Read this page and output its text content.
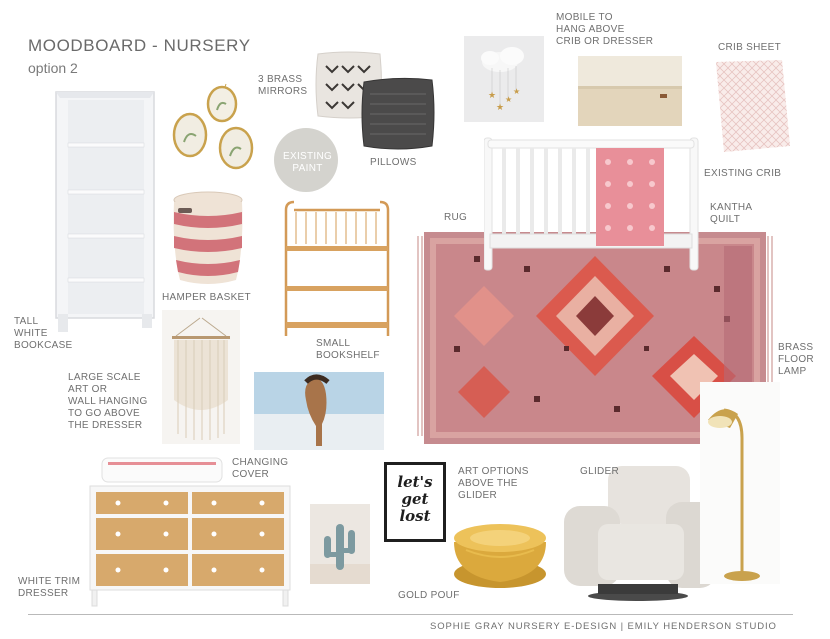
MOODBOARD - NURSERY
option 2
TALL
WHITE
BOOKCASE
3 BRASS
MIRRORS
EXISTING
PAINT
PILLOWS
★
★
★
★
MOBILE TO
HANG ABOVE
CRIB OR DRESSER
CRIB SHEET
RUG
EXISTING CRIB
KANTHA
QUILT
HAMPER BASKET
SMALL
BOOKSHELF
LARGE SCALE
ART OR
WALL HANGING
TO GO ABOVE
THE DRESSER
CHANGING
COVER
WHITE TRIM
DRESSER
let's get lost
ART OPTIONS
ABOVE THE
GLIDER
GOLD POUF
GLIDER
BRASS
FLOOR
LAMP
SOPHIE GRAY NURSERY E-DESIGN | EMILY HENDERSON STUDIO
